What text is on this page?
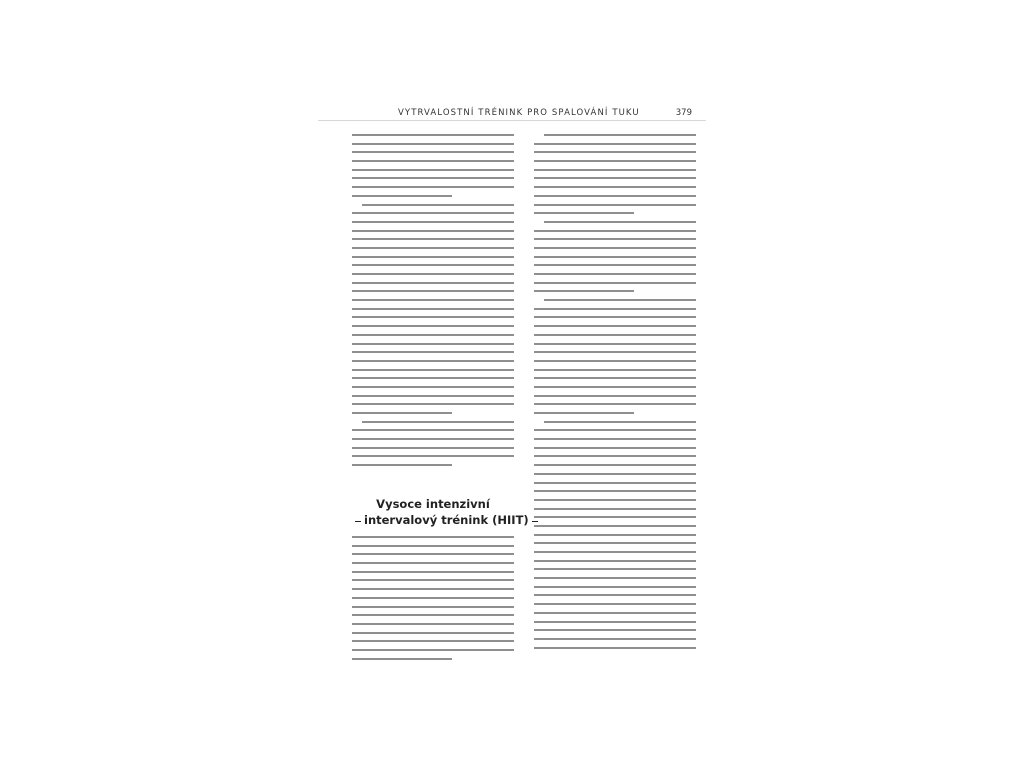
VYTRVALOSTNÍ TRÉNINK PRO SPALOVÁNÍ TUKU	379
Vysoce intenzivní
intervalový trénink (HIIT)
